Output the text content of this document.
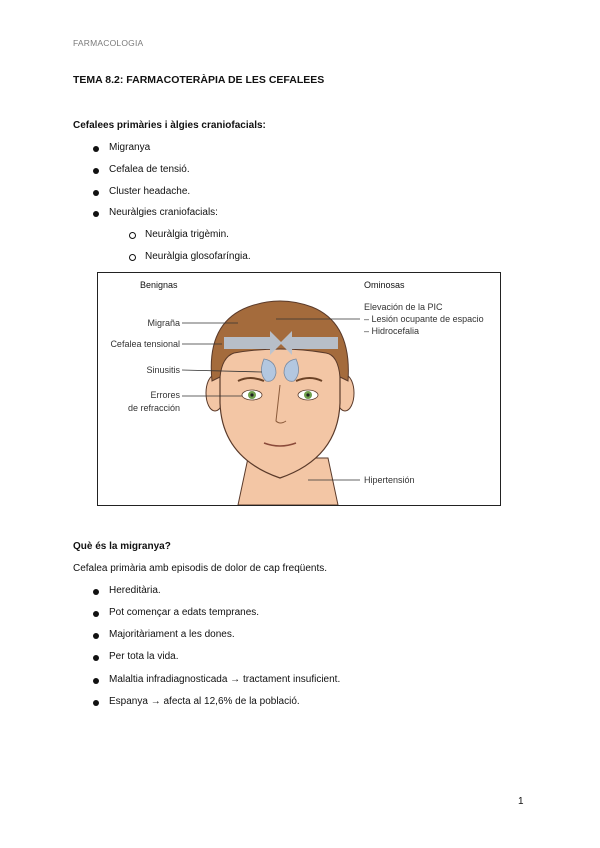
FARMACOLOGIA
TEMA 8.2: FARMACOTERÀPIA DE LES CEFALEES
Cefalees primàries i àlgies craniofacials:
Migranya
Cefalea de tensió.
Cluster headache.
Neuràlgies craniofacials:
Neuràlgia trigèmin.
Neuràlgia glosofaríngia.
Benignas	Ominosas
Migraña
Cefalea tensional
Sinusitis
Errores
de refracción
Elevación de la PIC
– Lesión ocupante de espacio
– Hidrocefalia
Hipertensión
Què és la migranya?
Cefalea primària amb episodis de dolor de cap freqüents.
Hereditària.
Pot començar a edats tempranes.
Majoritàriament a les dones.
Per tota la vida.
Malaltia infradiagnosticada → tractament insuficient.
Espanya → afecta al 12,6% de la població.
1
